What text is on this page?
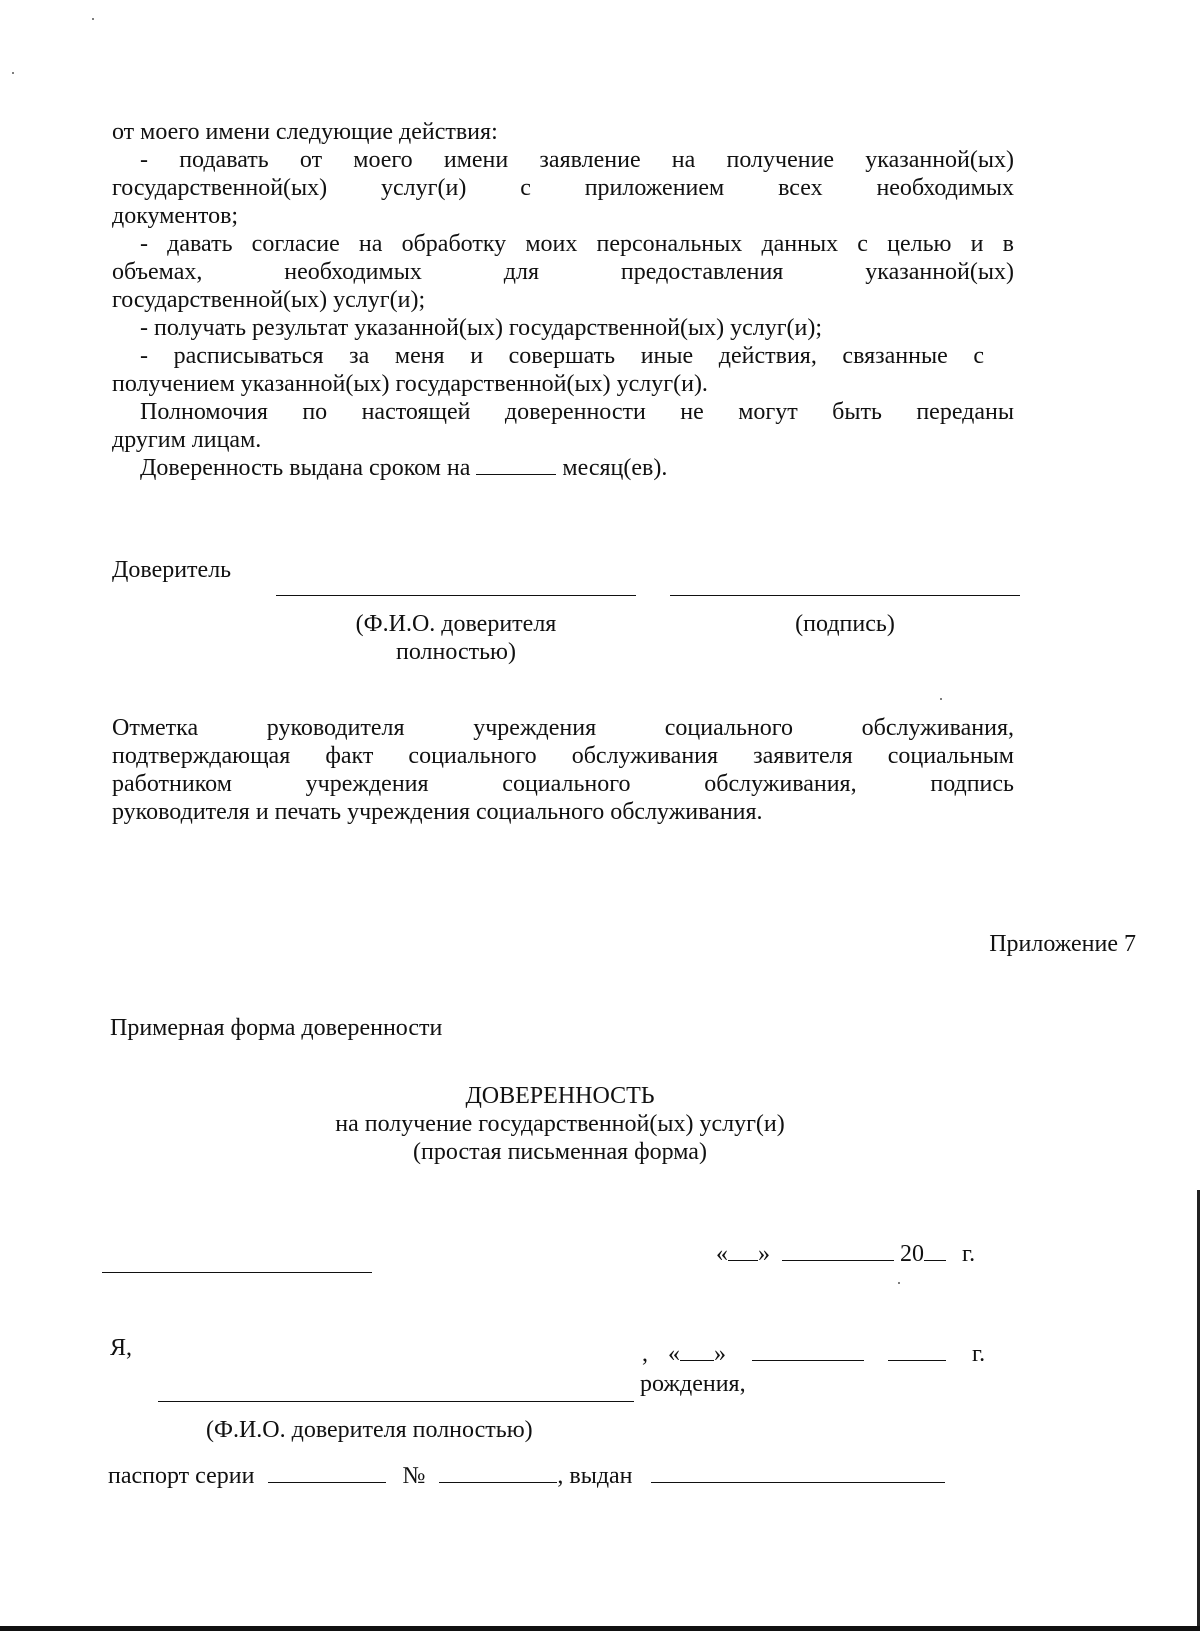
от моего имени следующие действия:
- подавать от моего имени заявление на получение указанной(ых)
государственной(ых) услуг(и) с приложением всех необходимых
документов;
- давать согласие на обработку моих персональных данных с целью и в
объемах, необходимых для предоставления указанной(ых)
государственной(ых) услуг(и);
- получать результат указанной(ых) государственной(ых) услуг(и);
- расписываться за меня и совершать иные действия, связанные с
получением указанной(ых) государственной(ых) услуг(и).
Полномочия по настоящей доверенности не могут быть переданы
другим лицам.
Доверенность выдана сроком на	месяц(ев).
Доверитель
(Ф.И.О. доверителя
полностью)
(подпись)
Отметка руководителя учреждения социального обслуживания,
подтверждающая факт социального обслуживания заявителя социальным
работником учреждения социального обслуживания, подпись
руководителя и печать учреждения социального обслуживания.
Приложение 7
Примерная форма доверенности
ДОВЕРЕННОСТЬ
на получение государственной(ых) услуг(и)
(простая письменная форма)
« »	20 г.
Я,	, « »	г.
рождения,
(Ф.И.О. доверителя полностью)
паспорт серии	№	, выдан
